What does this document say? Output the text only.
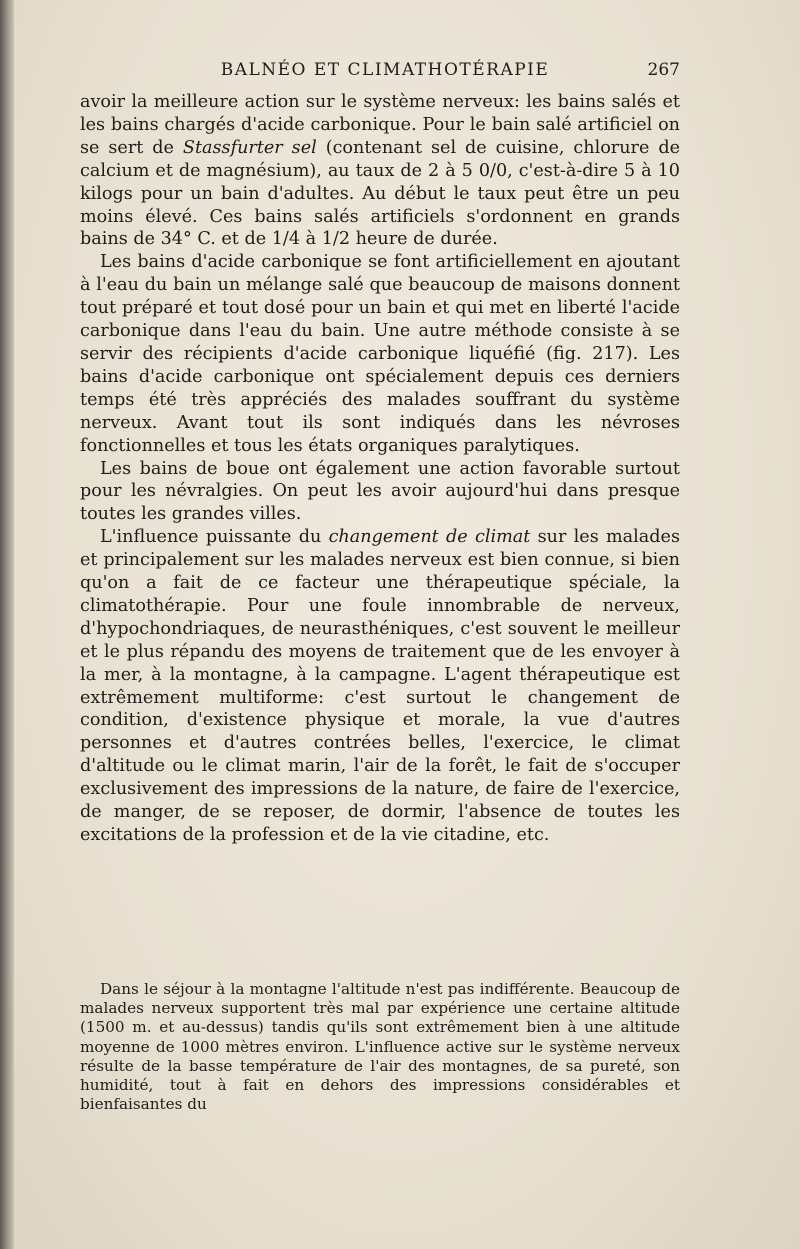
BALNÉO ET CLIMATHOTÉRAPIE	267

avoir la meilleure action sur le système nerveux: les bains salés et les bains chargés d'acide carbonique. Pour le bain salé artificiel on se sert de Stassfurter sel (contenant sel de cuisine, chlorure de calcium et de magnésium), au taux de 2 à 5 0/0, c'est-à-dire 5 à 10 kilogs pour un bain d'adultes. Au début le taux peut être un peu moins élevé. Ces bains salés artificiels s'ordonnent en grands bains de 34° C. et de 1/4 à 1/2 heure de durée.

Les bains d'acide carbonique se font artificiellement en ajoutant à l'eau du bain un mélange salé que beaucoup de maisons donnent tout préparé et tout dosé pour un bain et qui met en liberté l'acide carbonique dans l'eau du bain. Une autre méthode consiste à se servir des récipients d'acide carbonique liquéfié (fig. 217). Les bains d'acide carbonique ont spécialement depuis ces derniers temps été très appréciés des malades souffrant du système nerveux. Avant tout ils sont indiqués dans les névroses fonctionnelles et tous les états organiques paralytiques.

Les bains de boue ont également une action favorable surtout pour les névralgies. On peut les avoir aujourd'hui dans presque toutes les grandes villes.

L'influence puissante du changement de climat sur les malades et principalement sur les malades nerveux est bien connue, si bien qu'on a fait de ce facteur une thérapeutique spéciale, la climatothérapie. Pour une foule innombrable de nerveux, d'hypochondriaques, de neurasthéniques, c'est souvent le meilleur et le plus répandu des moyens de traitement que de les envoyer à la mer, à la montagne, à la campagne. L'agent thérapeutique est extrêmement multiforme: c'est surtout le changement de condition, d'existence physique et morale, la vue d'autres personnes et d'autres contrées belles, l'exercice, le climat d'altitude ou le climat marin, l'air de la forêt, le fait de s'occuper exclusivement des impressions de la nature, de faire de l'exercice, de manger, de se reposer, de dormir, l'absence de toutes les excitations de la profession et de la vie citadine, etc.

Dans le séjour à la montagne l'altitude n'est pas indifférente. Beaucoup de malades nerveux supportent très mal par expérience une certaine altitude (1500 m. et au-dessus) tandis qu'ils sont extrêmement bien à une altitude moyenne de 1000 mètres environ. L'influence active sur le système nerveux résulte de la basse température de l'air des montagnes, de sa pureté, son humidité, tout à fait en dehors des impressions considérables et bienfaisantes du
